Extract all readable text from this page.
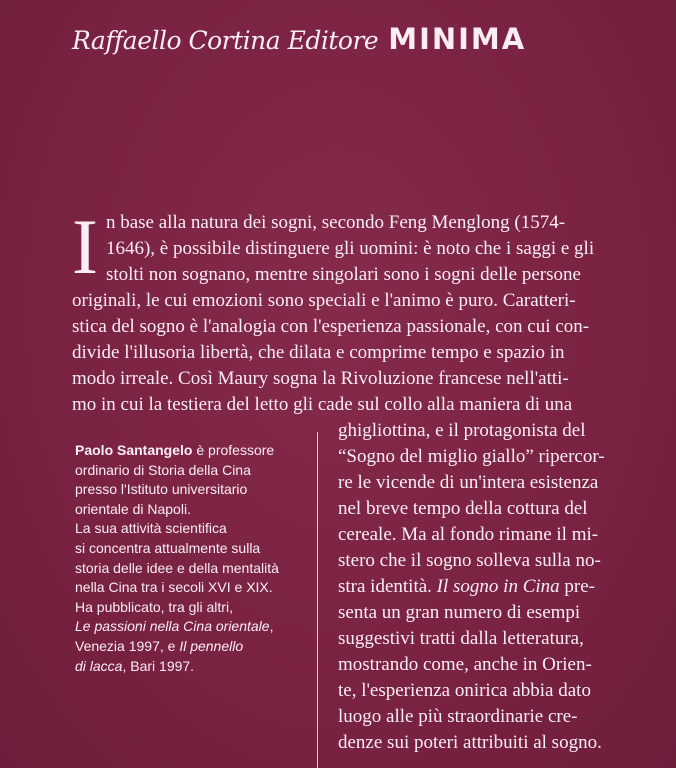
Raffaello Cortina Editore MINIMA
I n base alla natura dei sogni, secondo Feng Menglong (1574-
1646), è possibile distinguere gli uomini: è noto che i saggi e gli
stolti non sognano, mentre singolari sono i sogni delle persone
originali, le cui emozioni sono speciali e l'animo è puro. Caratteri-
stica del sogno è l'analogia con l'esperienza passionale, con cui con-
divide l'illusoria libertà, che dilata e comprime tempo e spazio in
modo irreale. Così Maury sogna la Rivoluzione francese nell'atti-
mo in cui la testiera del letto gli cade sul collo alla maniera di una
ghigliottina, e il protagonista del
“Sogno del miglio giallo” ripercor-
re le vicende di un'intera esistenza
nel breve tempo della cottura del
cereale. Ma al fondo rimane il mi-
stero che il sogno solleva sulla no-
stra identità. Il sogno in Cina pre-
senta un gran numero di esempi
suggestivi tratti dalla letteratura,
mostrando come, anche in Orien-
te, l'esperienza onirica abbia dato
luogo alle più straordinarie cre-
denze sui poteri attribuiti al sogno.
Paolo Santangelo è professore
ordinario di Storia della Cina
presso l'Istituto universitario
orientale di Napoli.
La sua attività scientifica
si concentra attualmente sulla
storia delle idee e della mentalità
nella Cina tra i secoli XVI e XIX.
Ha pubblicato, tra gli altri,
Le passioni nella Cina orientale,
Venezia 1997, e Il pennello
di lacca, Bari 1997.
